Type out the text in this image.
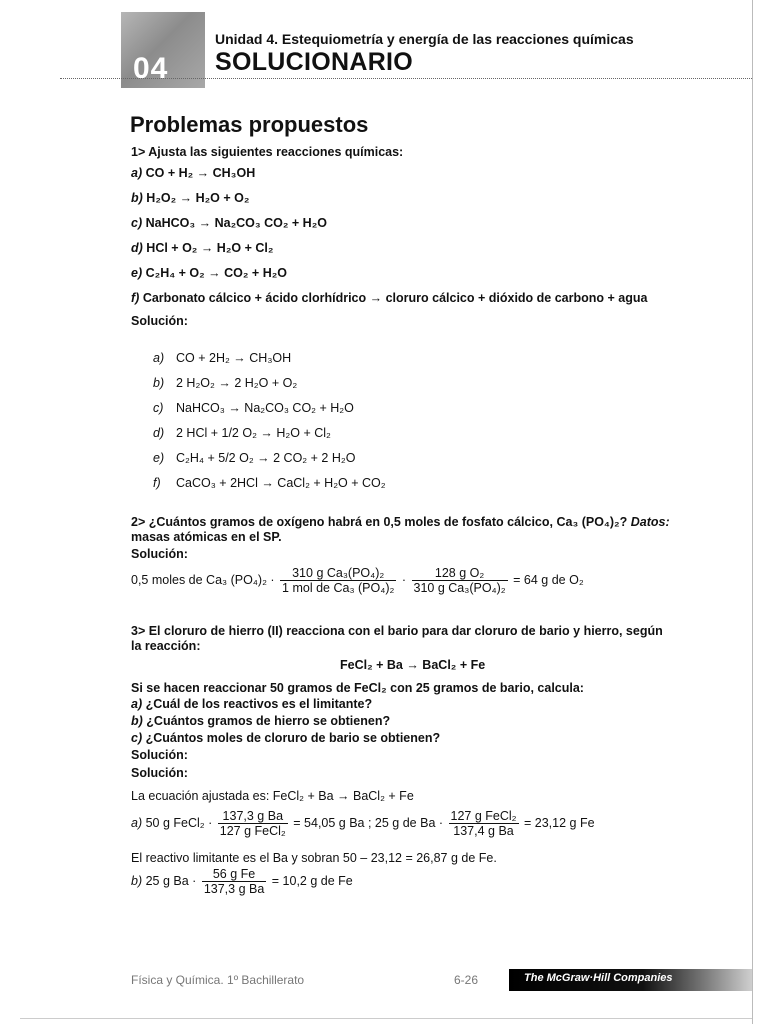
04
Unidad 4. Estequiometría y energía de las reacciones químicas
SOLUCIONARIO
Problemas propuestos
1> Ajusta las siguientes reacciones químicas:
a) CO + H₂ → CH₃OH
b) H₂O₂ → H₂O + O₂
c) NaHCO₃ → Na₂CO₃ CO₂ + H₂O
d) HCl + O₂ → H₂O + Cl₂
e) C₂H₄ + O₂ → CO₂ + H₂O
f) Carbonato cálcico + ácido clorhídrico → cloruro cálcico + dióxido de carbono + agua
Solución:
a) CO + 2H₂ → CH₃OH
b) 2 H₂O₂ → 2 H₂O + O₂
c) NaHCO₃ → Na₂CO₃ CO₂ + H₂O
d) 2 HCl + 1/2 O₂ → H₂O + Cl₂
e) C₂H₄ + 5/2 O₂ → 2 CO₂ + 2 H₂O
f) CaCO₃ + 2HCl → CaCl₂ + H₂O + CO₂
2> ¿Cuántos gramos de oxígeno habrá en 0,5 moles de fosfato cálcico, Ca₃ (PO₄)₂? Datos:
masas atómicas en el SP.
Solución:
0,5 moles de Ca₃ $(PO_4)_2 \cdot \frac{\text{310 g Ca₃(PO₄)₂}}{\text{1 mol de Ca₃ (PO₄)₂}} \cdot \frac{\text{128 g O₂}}{\text{310 g Ca₃(PO₄)₂}} = 64$ g de O₂
3> El cloruro de hierro (II) reacciona con el bario para dar cloruro de bario y hierro, según
la reacción:
FeCl₂ + Ba → BaCl₂ + Fe
Si se hacen reaccionar 50 gramos de FeCl₂ con 25 gramos de bario, calcula:
a) ¿Cuál de los reactivos es el limitante?
b) ¿Cuántos gramos de hierro se obtienen?
c) ¿Cuántos moles de cloruro de bario se obtienen?
Solución:
Solución:
La ecuación ajustada es: FeCl₂ + Ba → BaCl₂ + Fe
a) 50 g FeCl₂ · $\frac{\text{137,3 g Ba}}{\text{127 g FeCl₂}} = 54,05$ g Ba ; 25 g de $Ba \cdot \frac{\text{127 g FeCl₂}}{\text{137,4 g Ba}} = 23,12$ g Fe
El reactivo limitante es el Ba y sobran 50 – 23,12 = 26,87 g de Fe.
b) 25 g $Ba \cdot \frac{\text{56 g Fe}}{\text{137,3 g Ba}} = 10,2$ g de Fe
Física y Química. 1º Bachillerato	6-26	The McGraw·Hill Companies
